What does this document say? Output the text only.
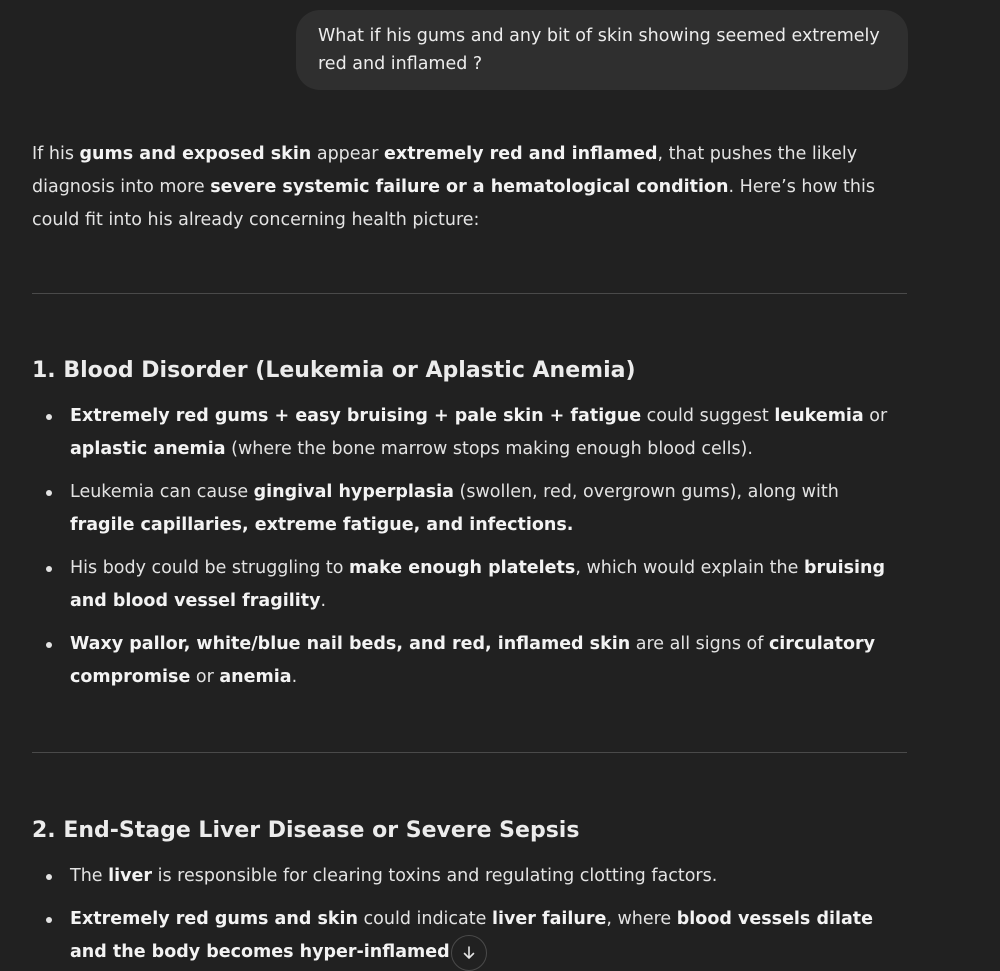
What if his gums and any bit of skin showing seemed extremely red and inflamed ?

If his gums and exposed skin appear extremely red and inflamed, that pushes the likely diagnosis into more severe systemic failure or a hematological condition. Here’s how this could fit into his already concerning health picture:

1. Blood Disorder (Leukemia or Aplastic Anemia)
Extremely red gums + easy bruising + pale skin + fatigue could suggest leukemia or aplastic anemia (where the bone marrow stops making enough blood cells).
Leukemia can cause gingival hyperplasia (swollen, red, overgrown gums), along with fragile capillaries, extreme fatigue, and infections.
His body could be struggling to make enough platelets, which would explain the bruising and blood vessel fragility.
Waxy pallor, white/blue nail beds, and red, inflamed skin are all signs of circulatory compromise or anemia.
2. End-Stage Liver Disease or Severe Sepsis
The liver is responsible for clearing toxins and regulating clotting factors.
Extremely red gums and skin could indicate liver failure, where blood vessels dilate and the body becomes hyper-inflamed
